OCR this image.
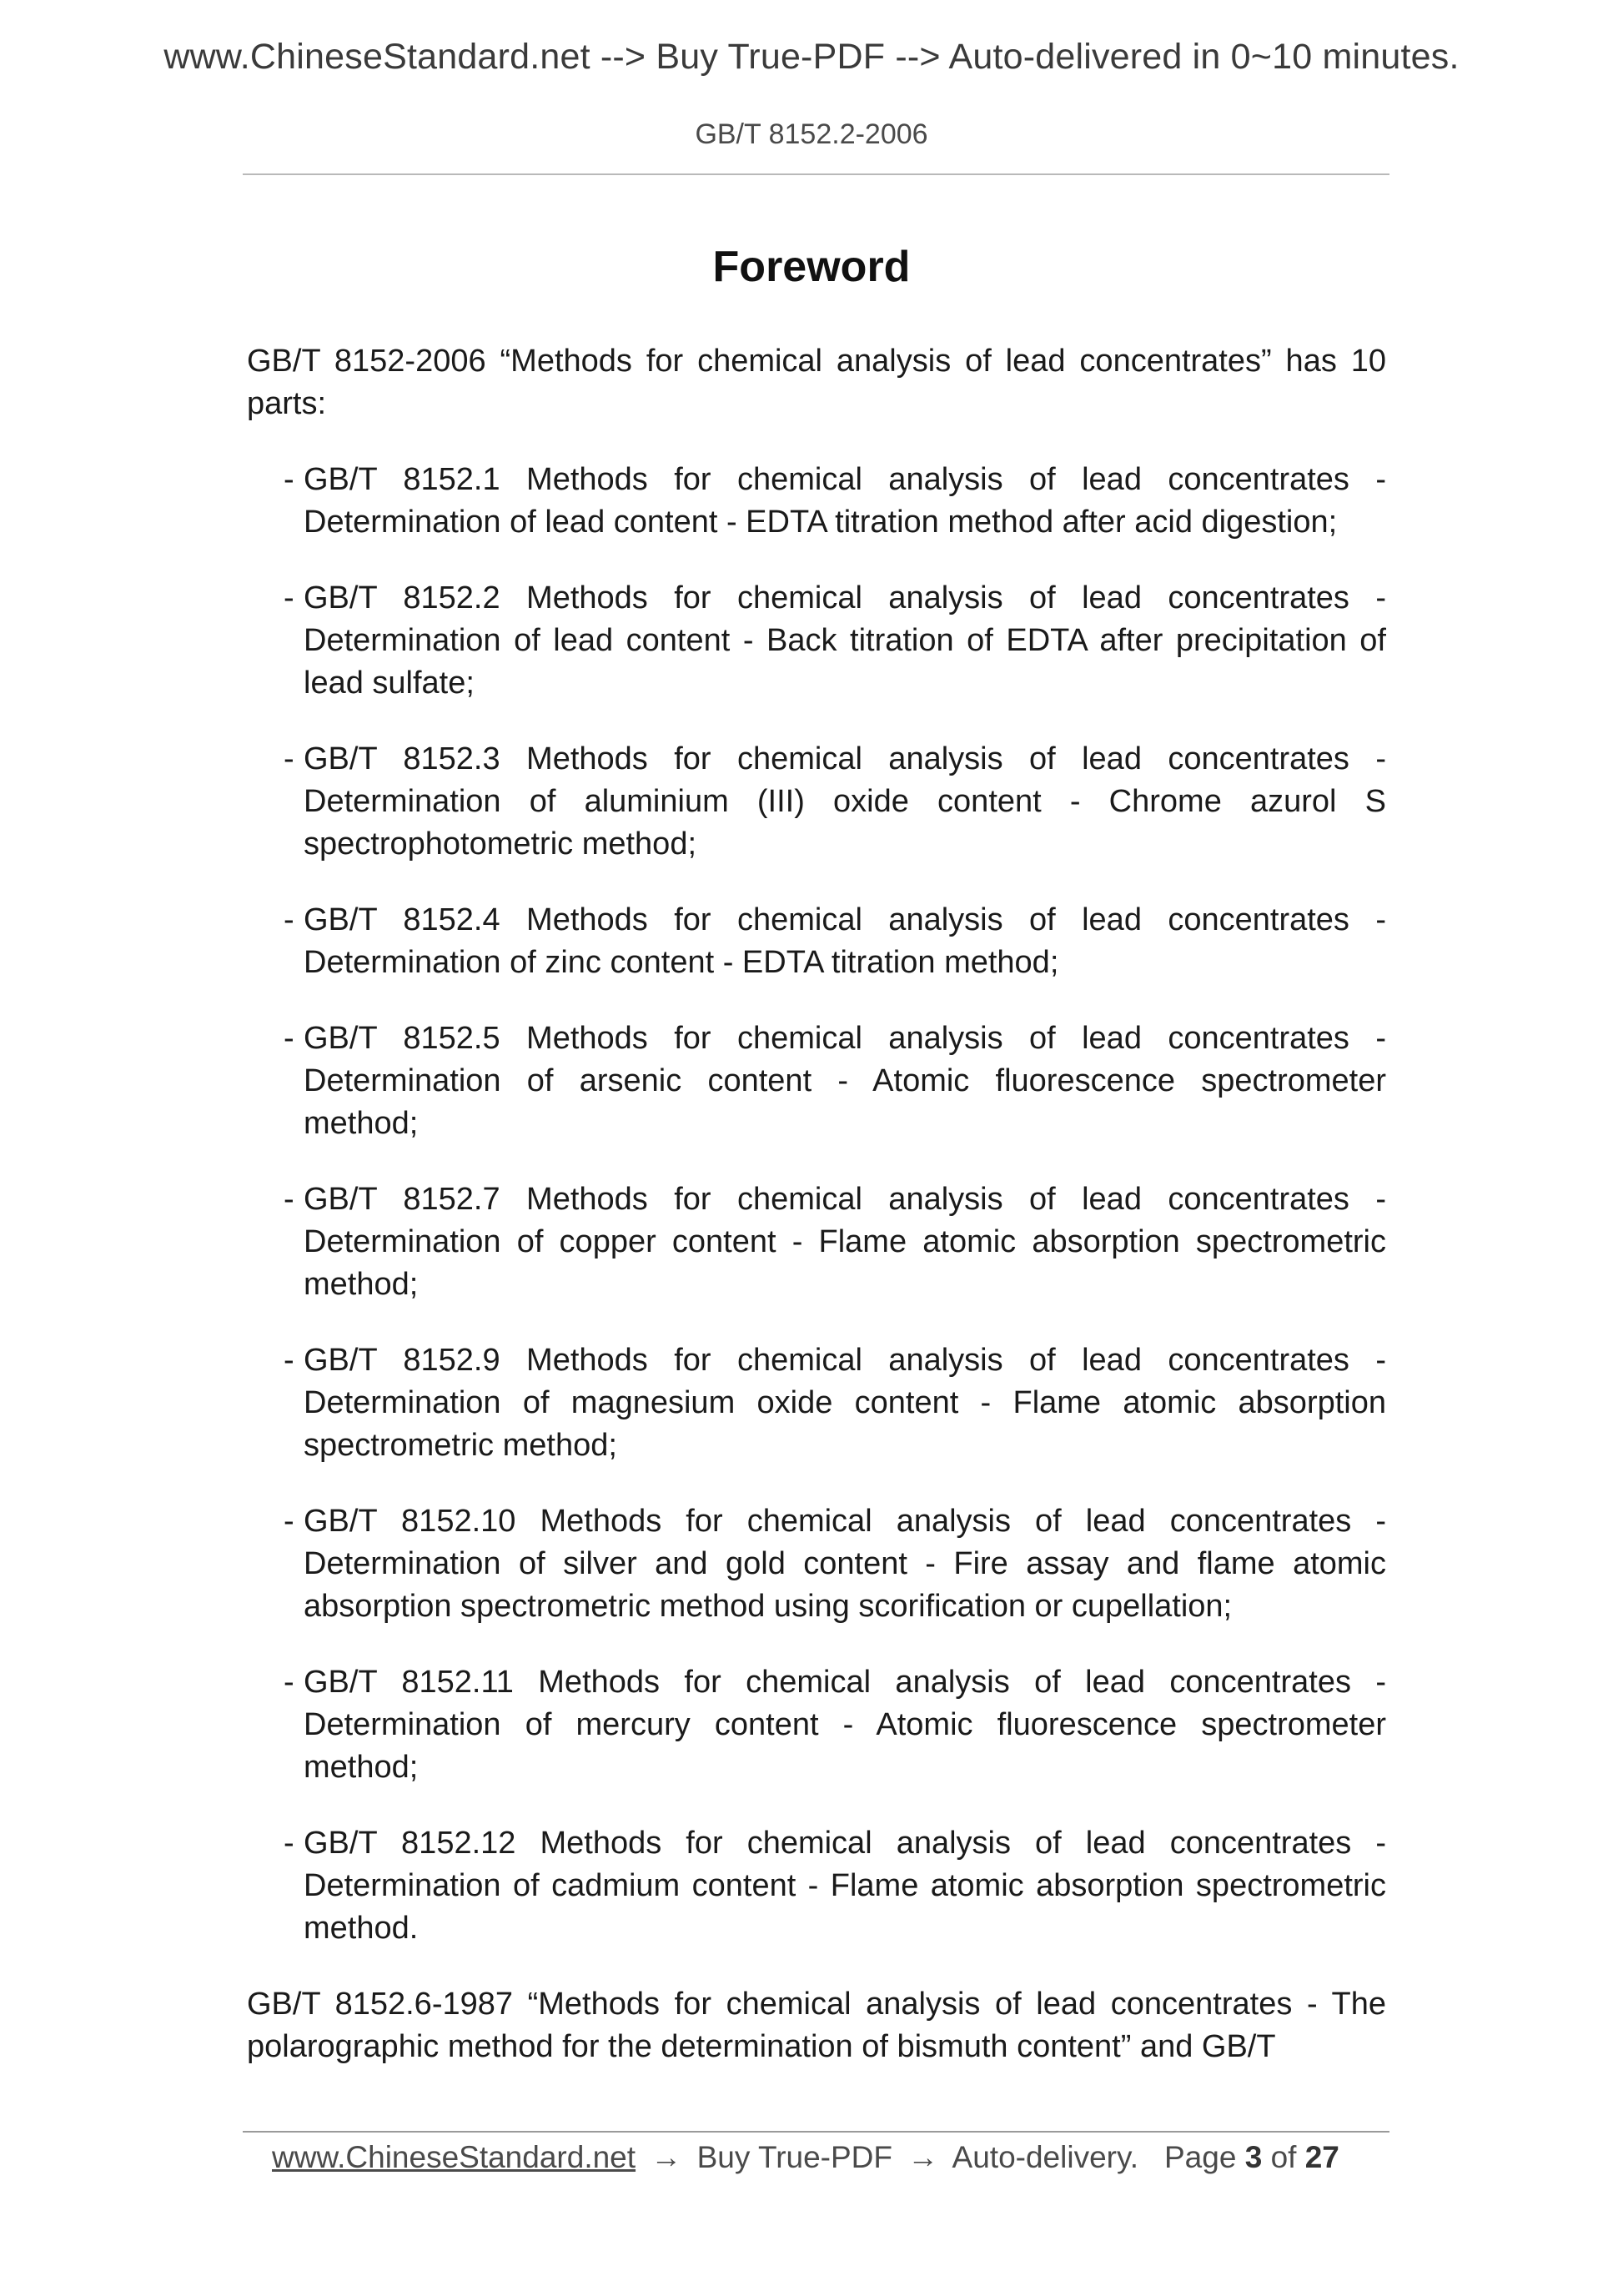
www.ChineseStandard.net --> Buy True-PDF --> Auto-delivered in 0~10 minutes.
GB/T 8152.2-2006
Foreword

GB/T 8152-2006 “Methods for chemical analysis of lead concentrates” has 10 parts:

- GB/T 8152.1 Methods for chemical analysis of lead concentrates - Determination of lead content - EDTA titration method after acid digestion;
- GB/T 8152.2 Methods for chemical analysis of lead concentrates - Determination of lead content - Back titration of EDTA after precipitation of lead sulfate;
- GB/T 8152.3 Methods for chemical analysis of lead concentrates - Determination of aluminium (III) oxide content - Chrome azurol S spectrophotometric method;
- GB/T 8152.4 Methods for chemical analysis of lead concentrates - Determination of zinc content - EDTA titration method;
- GB/T 8152.5 Methods for chemical analysis of lead concentrates - Determination of arsenic content - Atomic fluorescence spectrometer method;
- GB/T 8152.7 Methods for chemical analysis of lead concentrates - Determination of copper content - Flame atomic absorption spectrometric method;
- GB/T 8152.9 Methods for chemical analysis of lead concentrates - Determination of magnesium oxide content - Flame atomic absorption spectrometric method;
- GB/T 8152.10 Methods for chemical analysis of lead concentrates - Determination of silver and gold content - Fire assay and flame atomic absorption spectrometric method using scorification or cupellation;
- GB/T 8152.11 Methods for chemical analysis of lead concentrates - Determination of mercury content - Atomic fluorescence spectrometer method;
- GB/T 8152.12 Methods for chemical analysis of lead concentrates - Determination of cadmium content - Flame atomic absorption spectrometric method.

GB/T 8152.6-1987 “Methods for chemical analysis of lead concentrates - The polarographic method for the determination of bismuth content” and GB/T

www.ChineseStandard.net → Buy True-PDF → Auto-delivery. Page 3 of 27
